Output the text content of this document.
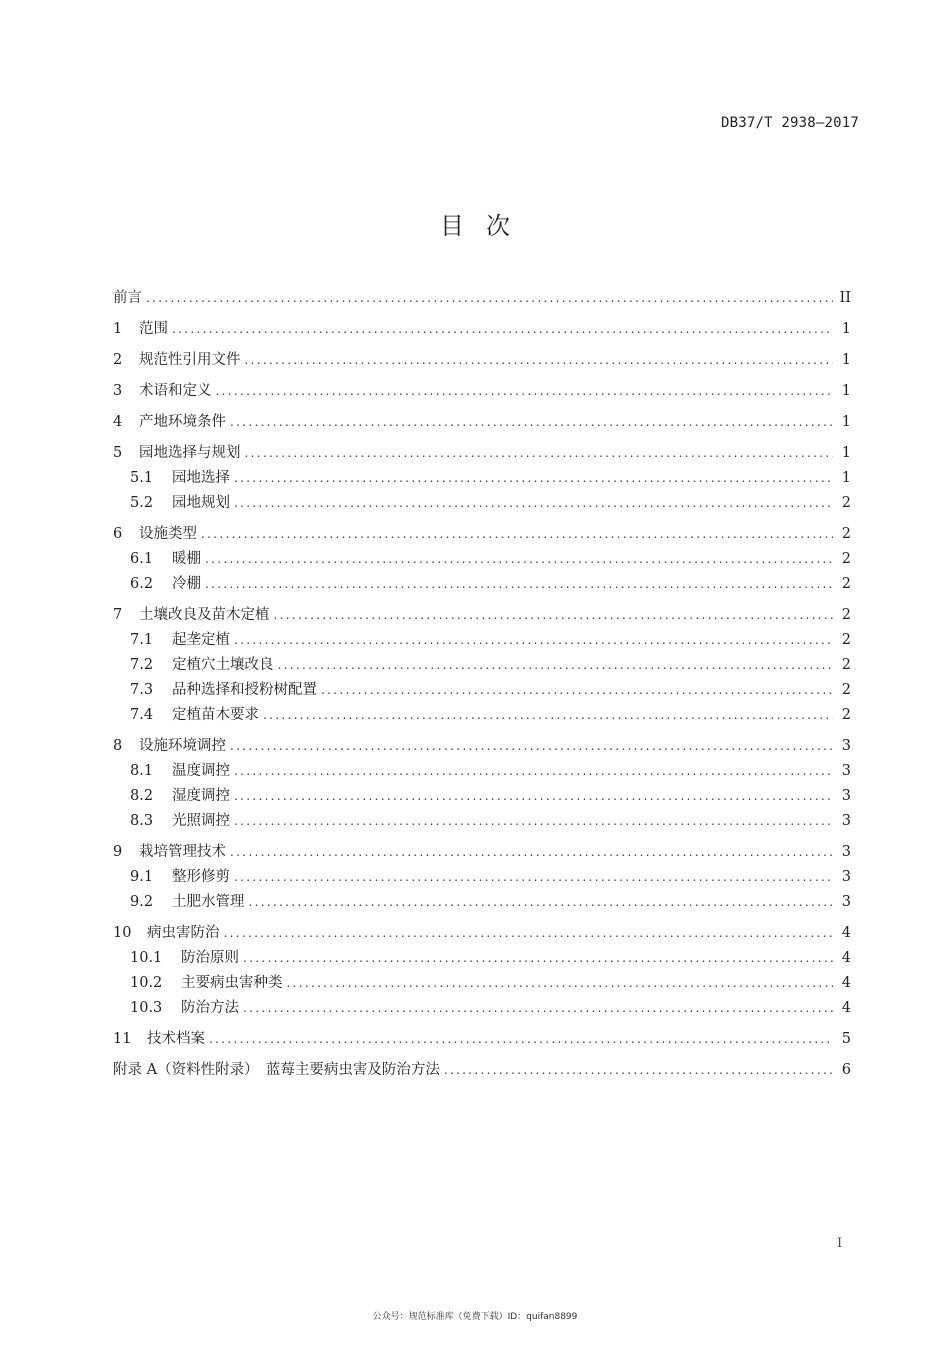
DB37/T 2938—2017
目次
前言 .....	II
1	范围 .....	1
2	规范性引用文件 .....	1
3	术语和定义 .....	1
4	产地环境条件 .....	1
5	园地选择与规划 .....	1
5.1	园地选择 .....	1
5.2	园地规划 .....	2
6	设施类型 .....	2
6.1	暖棚 .....	2
6.2	冷棚 .....	2
7	土壤改良及苗木定植 .....	2
7.1	起垄定植 .....	2
7.2	定植穴土壤改良 .....	2
7.3	品种选择和授粉树配置 .....	2
7.4	定植苗木要求 .....	2
8	设施环境调控 .....	3
8.1	温度调控 .....	3
8.2	湿度调控 .....	3
8.3	光照调控 .....	3
9	栽培管理技术 .....	3
9.1	整形修剪 .....	3
9.2	土肥水管理 .....	3
10	病虫害防治 .....	4
10.1	防治原则 .....	4
10.2	主要病虫害种类 .....	4
10.3	防治方法 .....	4
11	技术档案 .....	5
附录 A（资料性附录）　蓝莓主要病虫害及防治方法 .....	6
I
公众号：规范标准库（免费下载）ID：quifan8899
